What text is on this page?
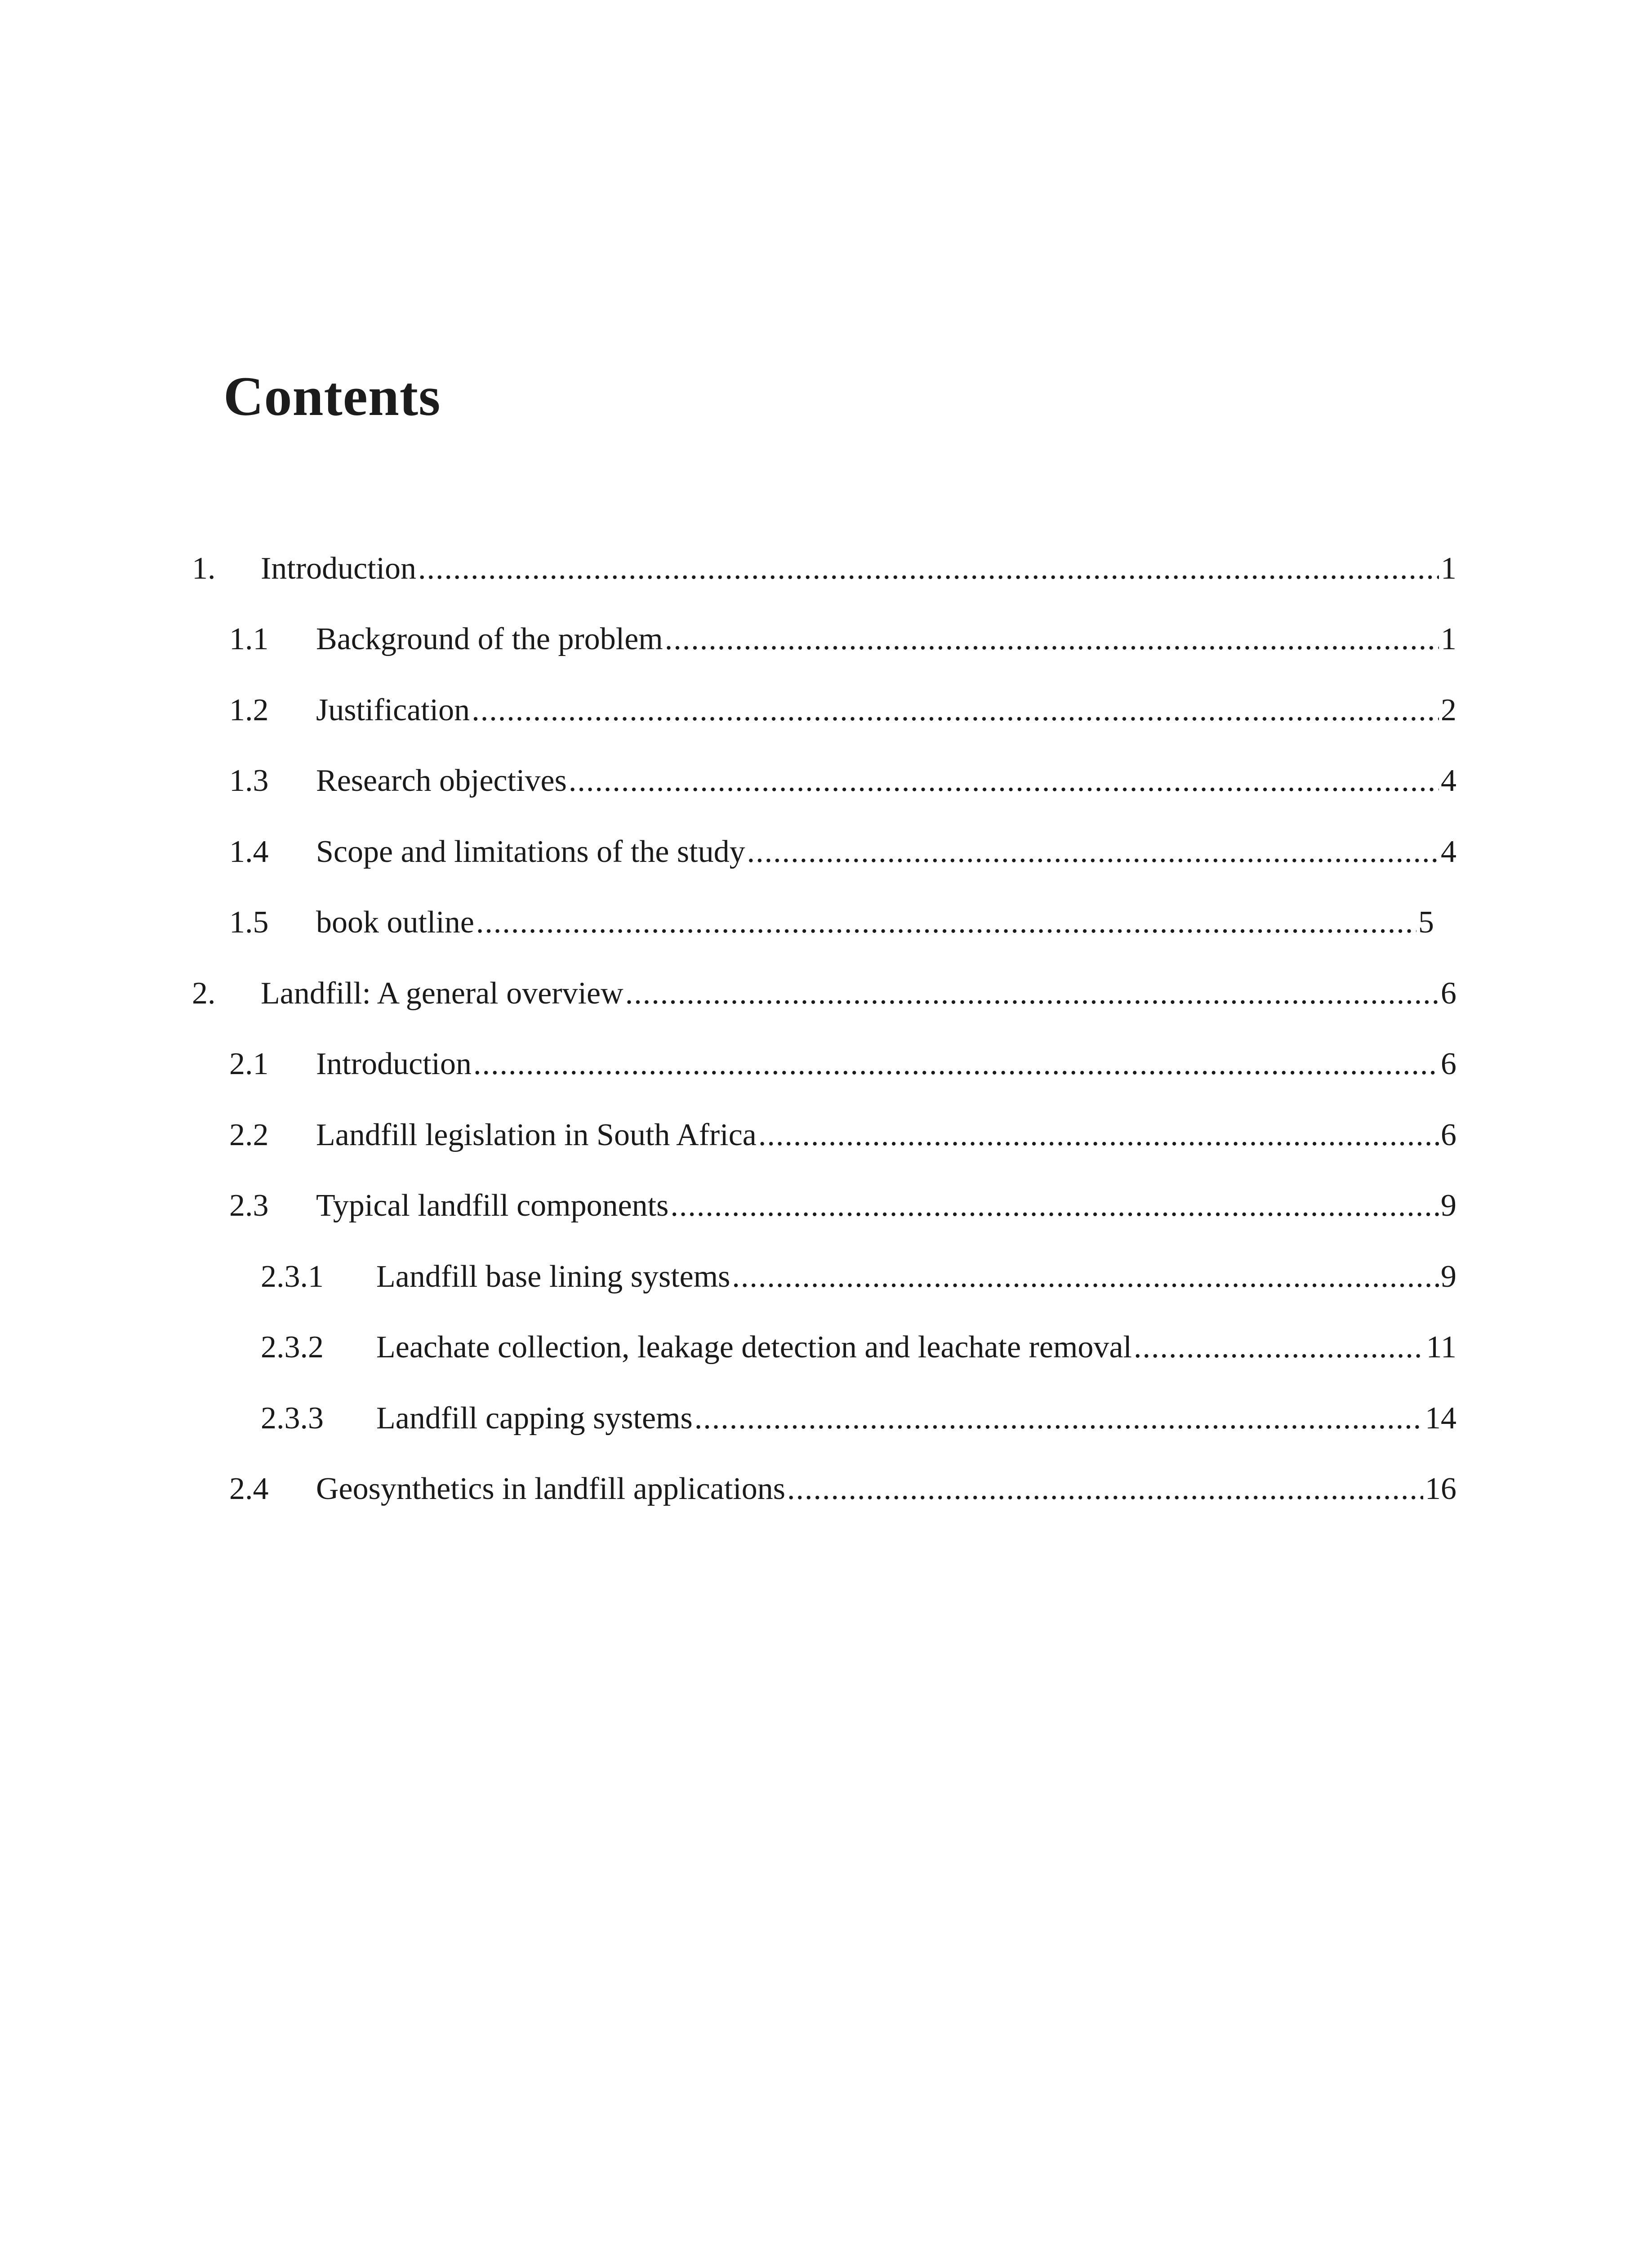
Contents
1. Introduction .....	1
1.1 Background of the problem .....	1
1.2 Justification .....	2
1.3 Research objectives .....	4
1.4 Scope and limitations of the study .....	4
1.5 book outline .....	5
2. Landfill: A general overview .....	6
2.1 Introduction .....	6
2.2 Landfill legislation in South Africa .....	6
2.3 Typical landfill components .....	9
2.3.1 Landfill base lining systems .....	9
2.3.2 Leachate collection, leakage detection and leachate removal .....	11
2.3.3 Landfill capping systems .....	14
2.4 Geosynthetics in landfill applications .....	16
